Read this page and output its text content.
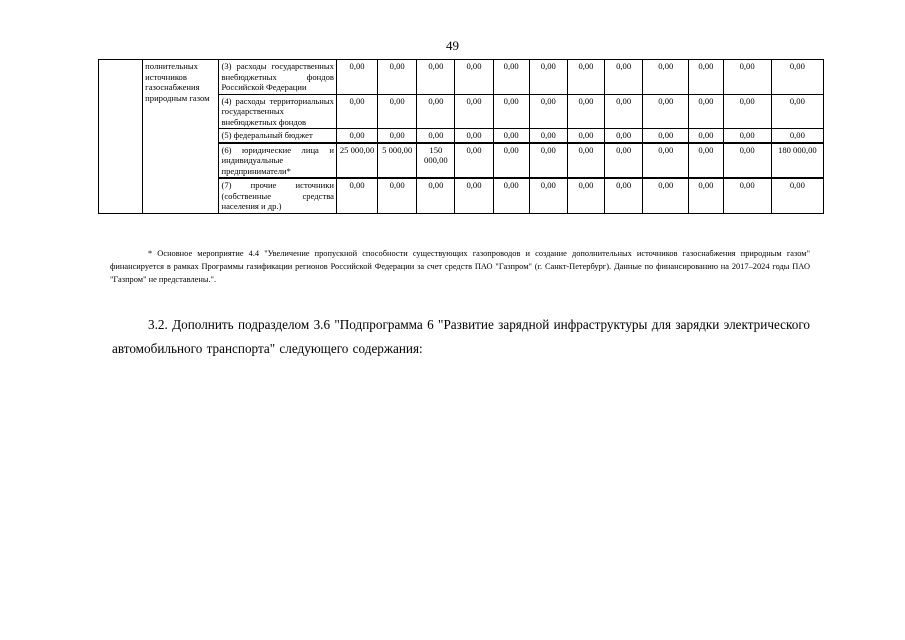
49
	полнительных источников газоснабжения природным газом	(3) расходы государственных внебюджетных фондов Российской Федерации	0,00	0,00	0,00	0,00	0,00	0,00	0,00	0,00	0,00	0,00	0,00	0,00
		(4) расходы территориальных государственных внебюджетных фондов	0,00	0,00	0,00	0,00	0,00	0,00	0,00	0,00	0,00	0,00	0,00	0,00
		(5) федеральный бюджет	0,00	0,00	0,00	0,00	0,00	0,00	0,00	0,00	0,00	0,00	0,00	0,00
		(6) юридические лица и индивидуальные предприниматели*	25 000,00	5 000,00	150 000,00	0,00	0,00	0,00	0,00	0,00	0,00	0,00	0,00	180 000,00
		(7) прочие источники (собственные средства населения и др.)	0,00	0,00	0,00	0,00	0,00	0,00	0,00	0,00	0,00	0,00	0,00	0,00
* Основное мероприятие 4.4 "Увеличение пропускной способности существующих газопроводов и создание дополнительных источников газоснабжения природным газом" финансируется в рамках Программы газификации регионов Российской Федерации за счет средств ПАО "Газпром" (г. Санкт-Петербург). Данные по финансированию на 2017–2024 годы ПАО "Газпром" не представлены.".
3.2. Дополнить подразделом 3.6 "Подпрограмма 6 "Развитие зарядной инфраструктуры для зарядки электрического автомобильного транспорта" следующего содержания:
